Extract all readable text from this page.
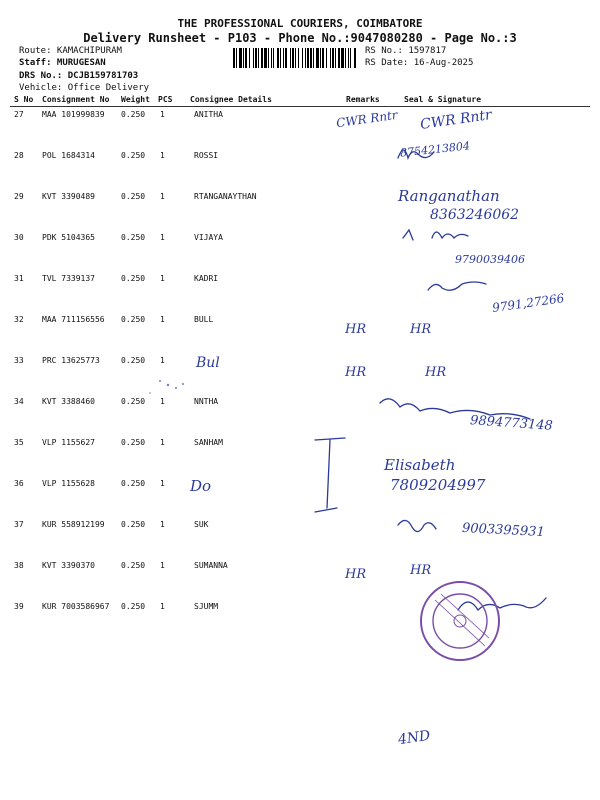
THE PROFESSIONAL COURIERS, COIMBATORE
Delivery Runsheet - P103 - Phone No.:9047080280 - Page No.:3
Route: KAMACHIPURAM
Staff: MURUGESAN
DRS No.: DCJB159781703
Vehicle: Office Delivery
RS No.: 1597817
RS Date: 16-Aug-2025
S No Consignment No Weight PCS Consignee Details	Remarks	Seal & Signature
27 MAA 101999839 0.250 1	ANITHA
28 POL 1684314	0.250 1	ROSSI
29 KVT 3390489	0.250 1	RTANGANAYTHAN
30 PDK 5104365	0.250 1	VIJAYA
31 TVL 7339137	0.250 1	KADRI
32 MAA 711156556 0.250 1	BULL
33 PRC 13625773	0.250 1
34 KVT 3388460	0.250 1	NNTHA
35 VLP 1155627	0.250 1	SANHAM
36 VLP 1155628	0.250 1
37 KUR 558912199 0.250 1	SUK
38 KVT 3390370	0.250 1	SUMANNA
39 KUR 7003586967 0.250 1	SJUMM
CWR Rntr CWR Rntr
8754213804
Ranganathan
8363246062
9790039406
9791,27266
HR	HR
Bul
HR	HR
9894773148
Do
Elisabeth
7809204997
9003395931
HR	HR
4ND
